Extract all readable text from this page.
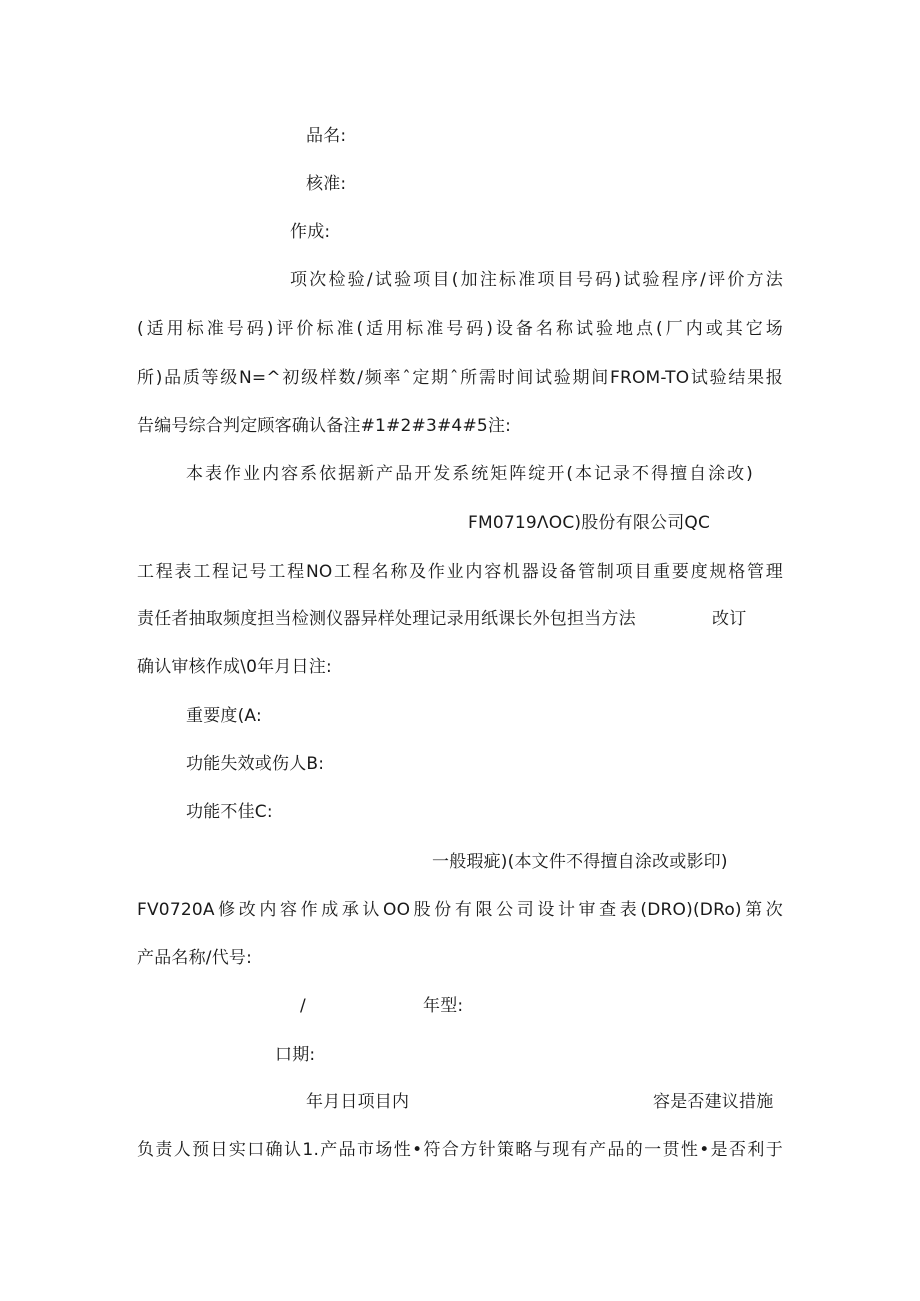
品名:
核准:
作成:
项次检验/试验项目(加注标准项目号码)试验程序/评价方法
(适用标准号码)评价标准(适用标准号码)设备名称试验地点(厂内或其它场
所)品质等级N=^初级样数/频率ˆ定期ˆ所需时间试验期间FROM-TO试验结果报
告编号综合判定顾客确认备注#1#2#3#4#5注:
本表作业内容系依据新产品开发系统矩阵绽开(本记录不得擅自涂改)
FM0719ΛOC)股份有限公司QC
工程表工程记号工程NO工程名称及作业内容机器设备管制项目重要度规格管理
责任者抽取频度担当检测仪器异样处理记录用纸课长外包担当方法	改订
确认审核作成\0年月日注:
重要度(A:
功能失效或伤人B:
功能不佳C:
一般瑕疵)(本文件不得擅自涂改或影印)
FV0720A修改内容作成承认OO股份有限公司设计审查表(DRO)(DRo)第次
产品名称/代号:
/	年型:
口期:
年月日项目内	容是否建议措施
负责人预日实口确认1.产品市场性•符合方针策略与现有产品的一贯性•是否利于
